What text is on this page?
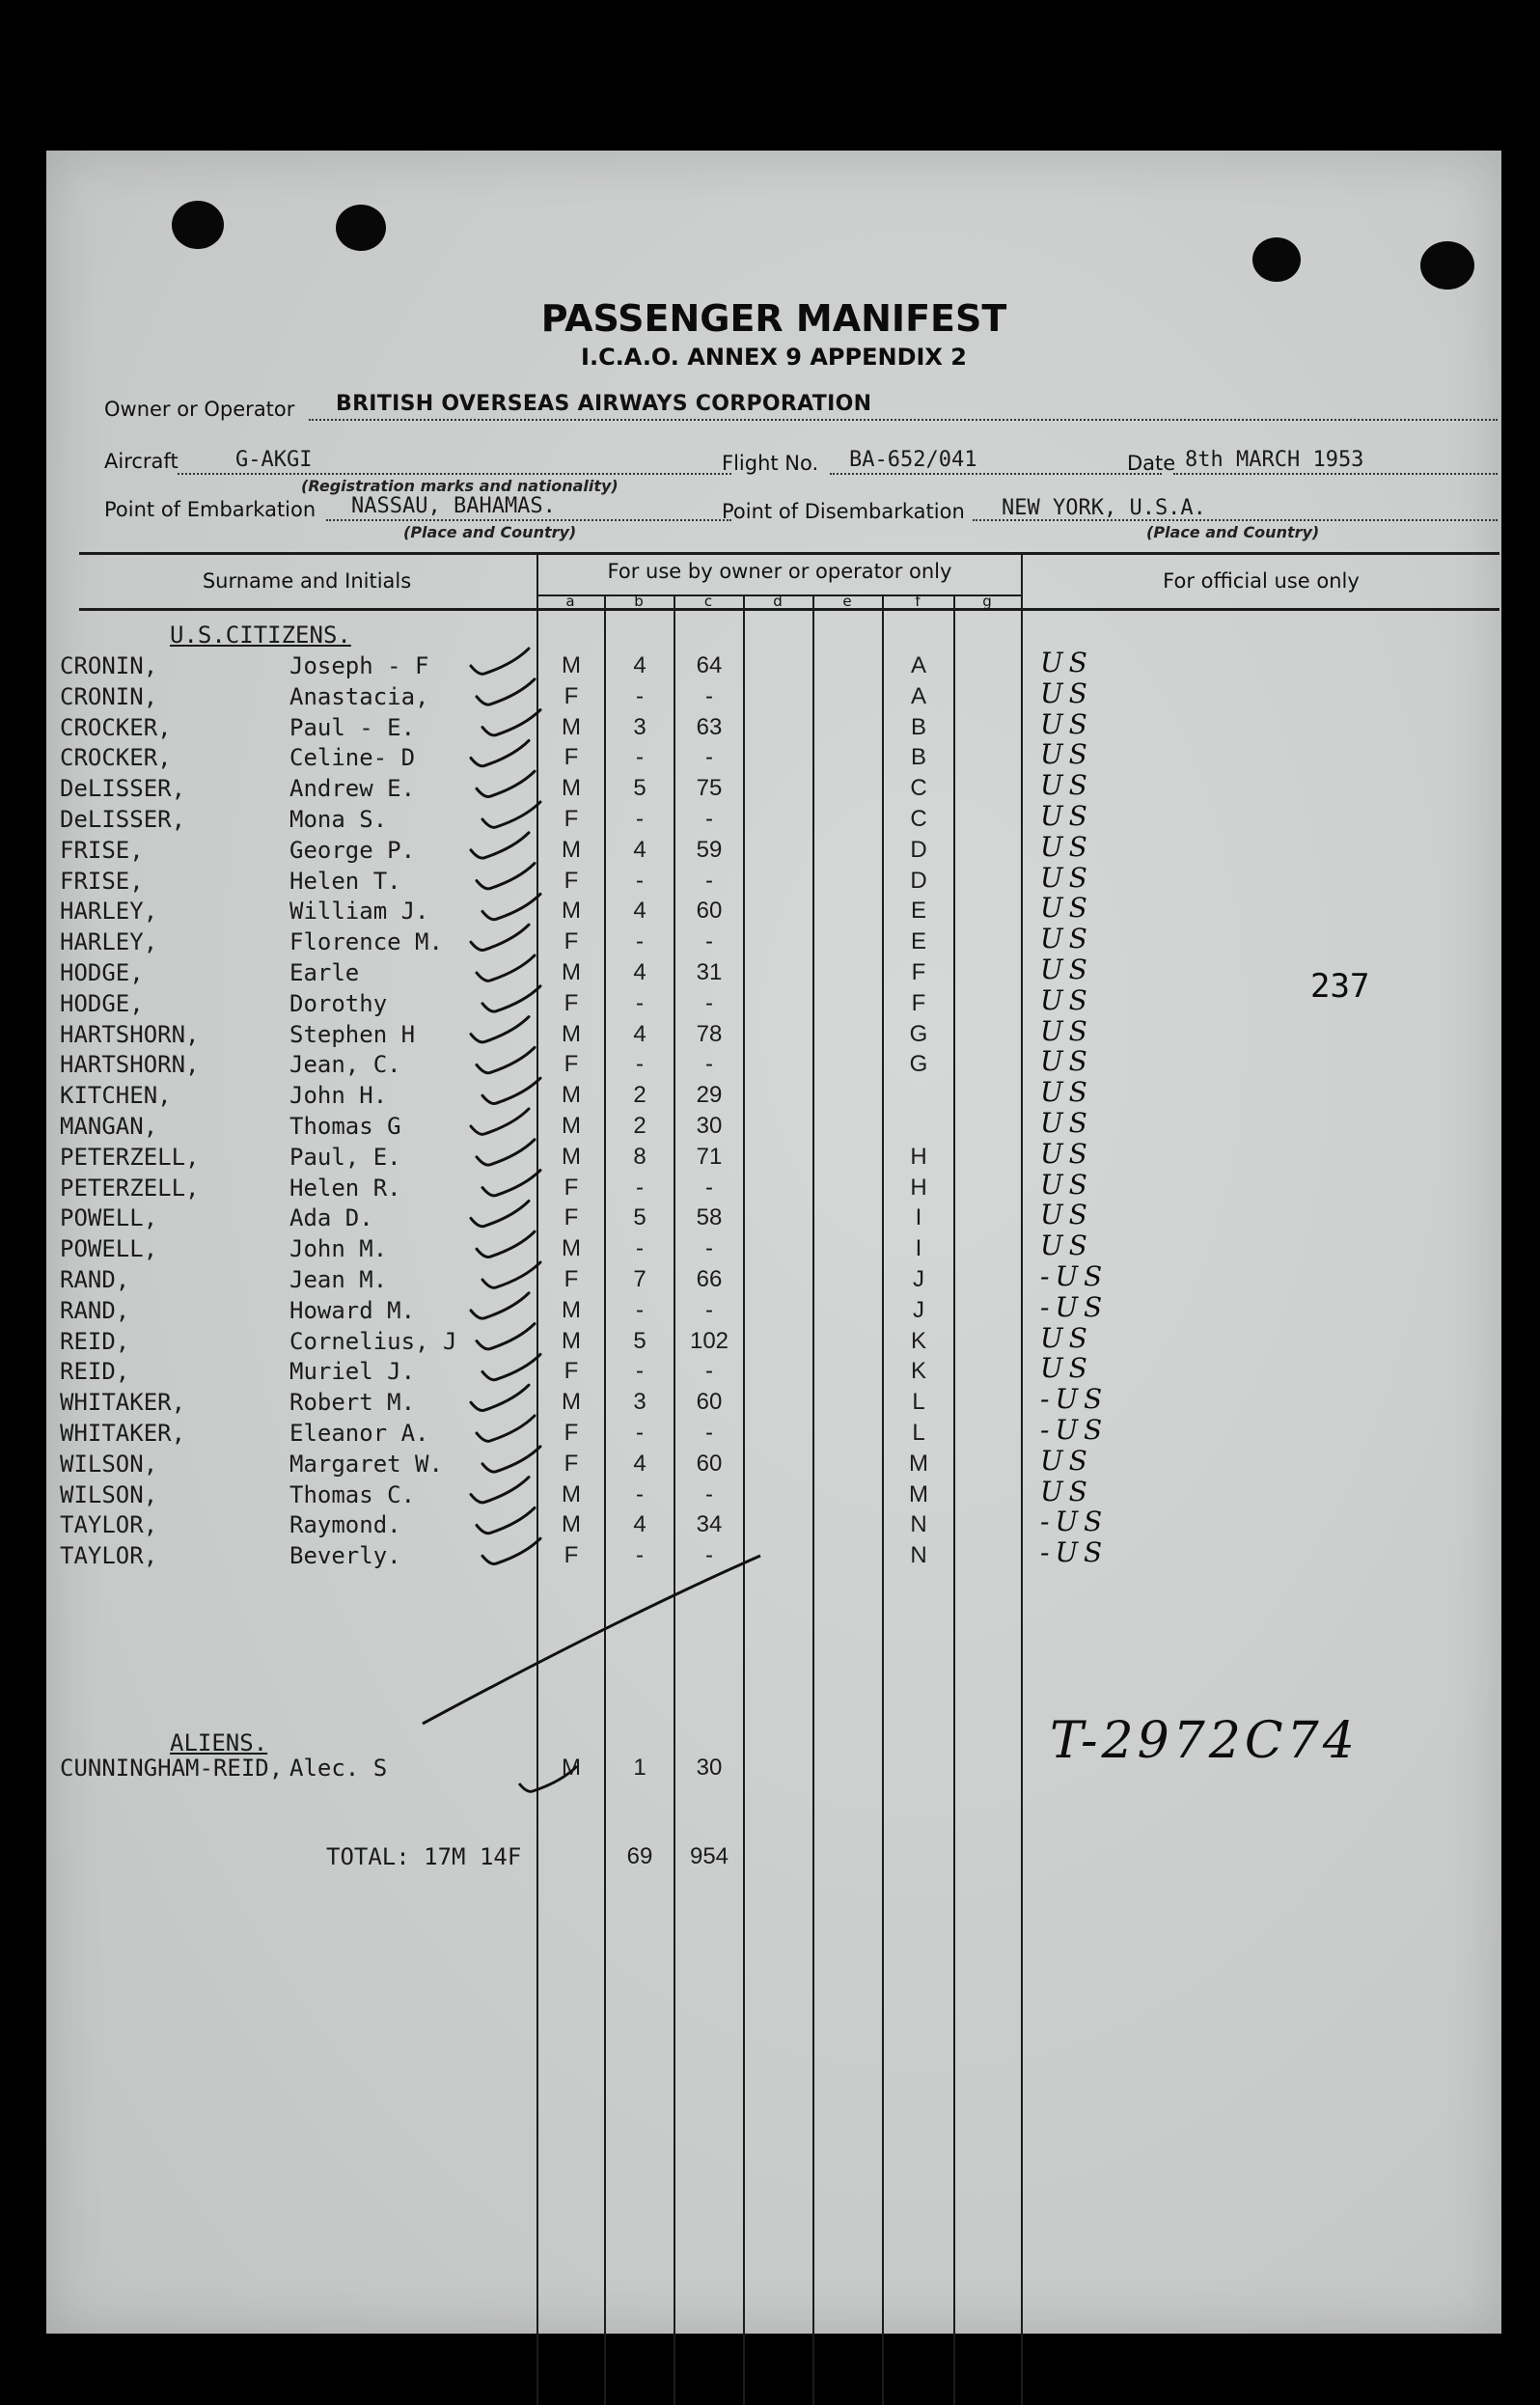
PASSENGER MANIFEST
I.C.A.O. ANNEX 9 APPENDIX 2
Owner or Operator BRITISH OVERSEAS AIRWAYS CORPORATION
Aircraft	G-AKGI
(Registration marks and nationality)
Flight No. BA-652/041	Date 8th MARCH 1953
Point of Embarkation NASSAU, BAHAMAS.
(Place and Country)
Point of Disembarkation NEW YORK, U.S.A.
(Place and Country)
Surname and Initials	For use by owner or operator only	For official use only
a	b	c	d	e	f	g
U.S.CITIZENS.
CRONIN,	Joseph - F	M	4	64	A	US
CRONIN,	Anastacia,	F	-	-	A	US
CROCKER,	Paul - E.	M	3	63	B	US
CROCKER,	Celine- D	F	-	-	B	US
DeLISSER,	Andrew E.	M	5	75	C	US
DeLISSER,	Mona S.	F	-	-	C	US
FRISE,	George P.	M	4	59	D	US
FRISE,	Helen T.	F	-	-	D	US
HARLEY,	William J.	M	4	60	E	US
HARLEY,	Florence M.	F	-	-	E	US
HODGE,	Earle	M	4	31	F	US
HODGE,	Dorothy	F	-	-	F	US
HARTSHORN,	Stephen H	M	4	78	G	US
HARTSHORN,	Jean, C.	F	-	-	G	US
KITCHEN,	John H.	M	2	29	US
MANGAN,	Thomas G	M	2	30	US
PETERZELL,	Paul, E.	M	8	71	H	US
PETERZELL,	Helen R.	F	-	-	H	US
POWELL,	Ada D.	F	5	58	I	US
POWELL,	John M.	M	-	-	I	US
RAND,	Jean M.	F	7	66	J	-US
RAND,	Howard M.	M	-	-	J	-US
REID,	Cornelius, J	M	5	102	K	US
REID,	Muriel J.	F	-	-	K	US
WHITAKER,	Robert M.	M	3	60	L	-US
WHITAKER,	Eleanor A.	F	-	-	L	-US
WILSON,	Margaret W.	F	4	60	M	US
WILSON,	Thomas C.	M	-	-	M	US
TAYLOR,	Raymond.	M	4	34	N	-US
TAYLOR,	Beverly.	F	-	-	N	-US
ALIENS.
CUNNINGHAM-REID, Alec. S	M	1	30
TOTAL: 17M 14F	69	954
237
T-2972C74
